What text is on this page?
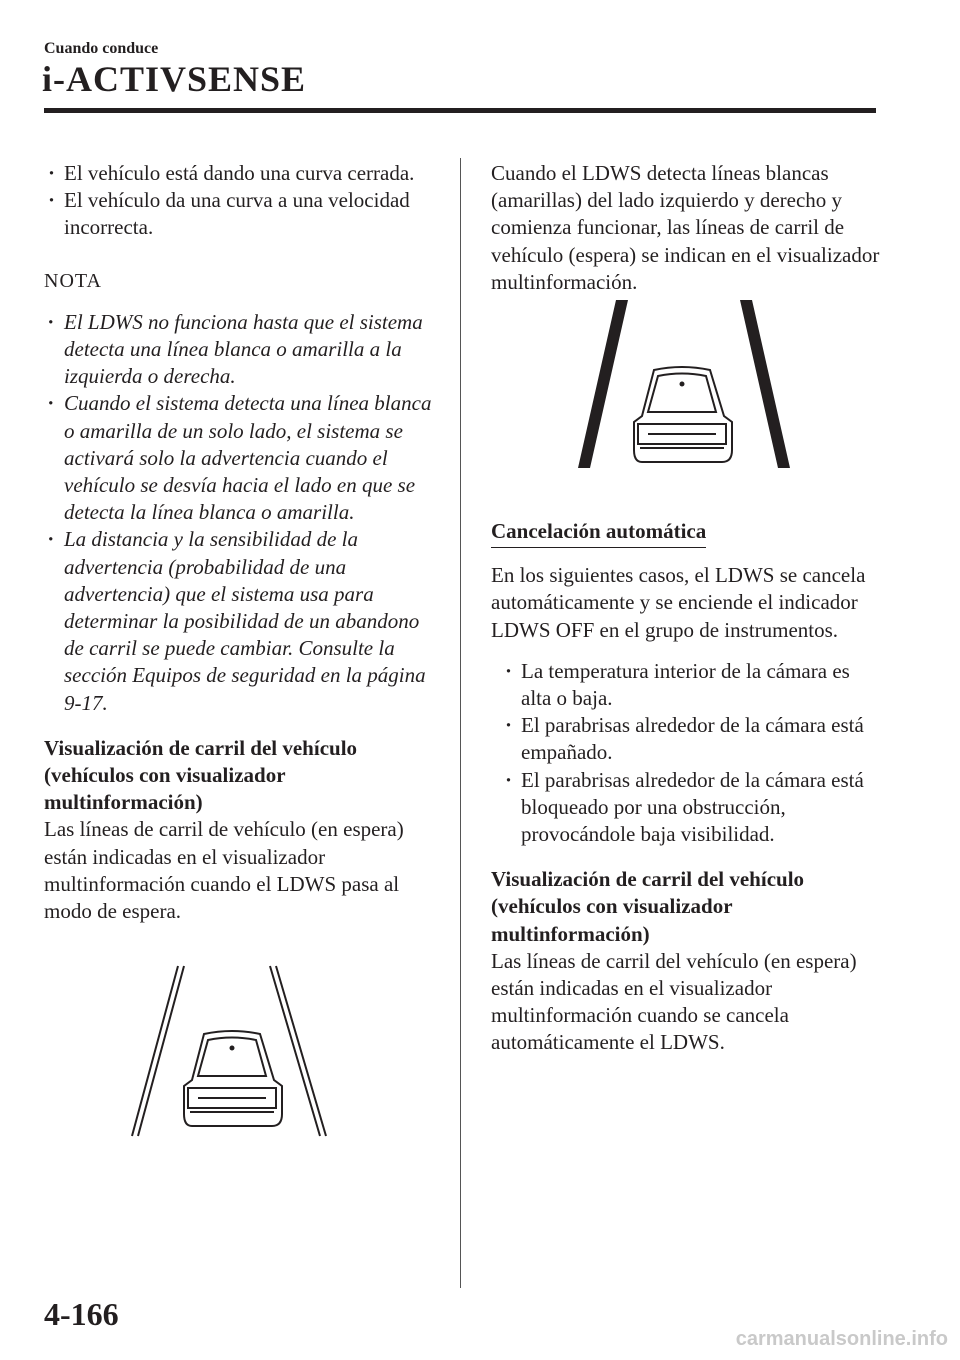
Cuando conduce
i-ACTIVSENSE
· El vehículo está dando una curva cerrada.
· El vehículo da una curva a una velocidad incorrecta.
NOTA
· El LDWS no funciona hasta que el sistema detecta una línea blanca o amarilla a la izquierda o derecha.
· Cuando el sistema detecta una línea blanca o amarilla de un solo lado, el sistema se activará solo la advertencia cuando el vehículo se desvía hacia el lado en que se detecta la línea blanca o amarilla.
· La distancia y la sensibilidad de la advertencia (probabilidad de una advertencia) que el sistema usa para determinar la posibilidad de un abandono de carril se puede cambiar. Consulte la sección Equipos de seguridad en la página 9-17.
Visualización de carril del vehículo (vehículos con visualizador multinformación)

Las líneas de carril de vehículo (en espera) están indicadas en el visualizador multinformación cuando el LDWS pasa al modo de espera.

Cuando el LDWS detecta líneas blancas (amarillas) del lado izquierdo y derecho y comienza funcionar, las líneas de carril de vehículo (espera) se indican en el visualizador multinformación.

Cancelación automática

En los siguientes casos, el LDWS se cancela automáticamente y se enciende el indicador LDWS OFF en el grupo de instrumentos.

· La temperatura interior de la cámara es alta o baja.
· El parabrisas alrededor de la cámara está empañado.
· El parabrisas alrededor de la cámara está bloqueado por una obstrucción, provocándole baja visibilidad.
Visualización de carril del vehículo (vehículos con visualizador multinformación)

Las líneas de carril del vehículo (en espera) están indicadas en el visualizador multinformación cuando se cancela automáticamente el LDWS.

4-166
carmanualsonline.info
